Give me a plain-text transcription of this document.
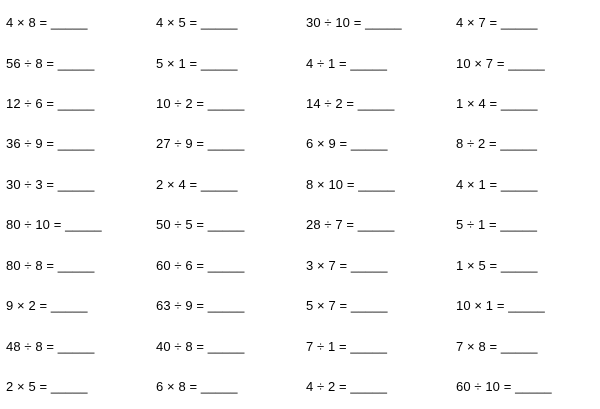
4 × 8 = _____	4 × 5 = _____	30 ÷ 10 = _____	4 × 7 = _____
56 ÷ 8 = _____	5 × 1 = _____	4 ÷ 1 = _____	10 × 7 = _____
12 ÷ 6 = _____	10 ÷ 2 = _____	14 ÷ 2 = _____	1 × 4 = _____
36 ÷ 9 = _____	27 ÷ 9 = _____	6 × 9 = _____	8 ÷ 2 = _____
30 ÷ 3 = _____	2 × 4 = _____	8 × 10 = _____	4 × 1 = _____
80 ÷ 10 = _____	50 ÷ 5 = _____	28 ÷ 7 = _____	5 ÷ 1 = _____
80 ÷ 8 = _____	60 ÷ 6 = _____	3 × 7 = _____	1 × 5 = _____
9 × 2 = _____	63 ÷ 9 = _____	5 × 7 = _____	10 × 1 = _____
48 ÷ 8 = _____	40 ÷ 8 = _____	7 ÷ 1 = _____	7 × 8 = _____
2 × 5 = _____	6 × 8 = _____	4 ÷ 2 = _____	60 ÷ 10 = _____
